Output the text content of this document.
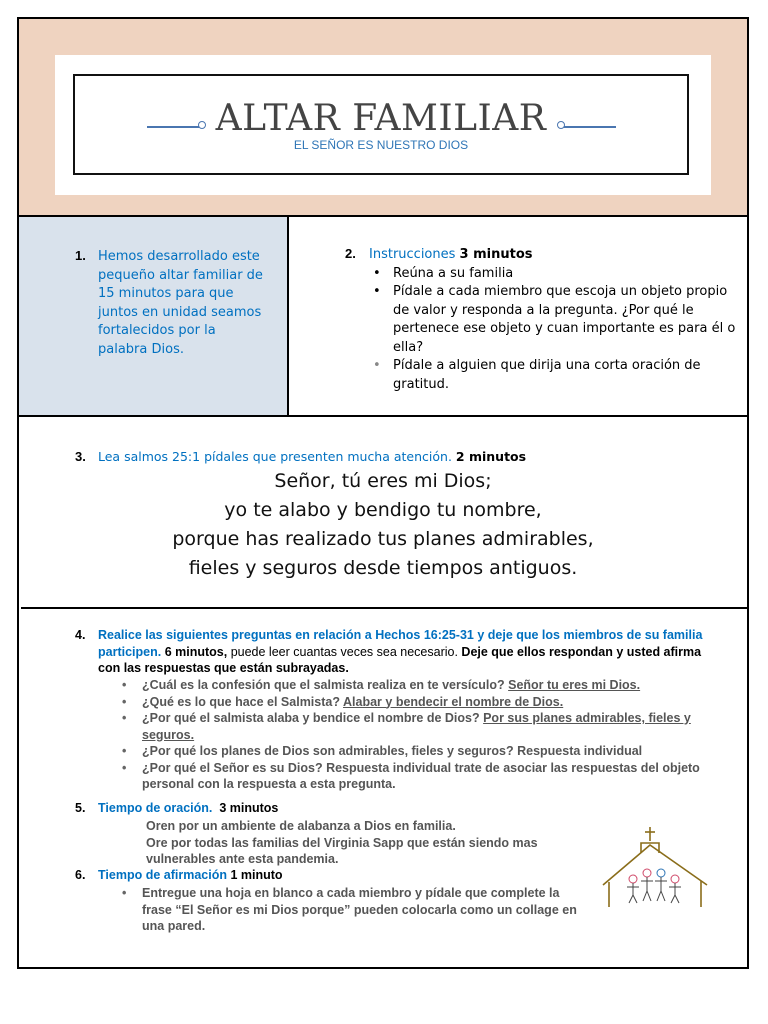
ALTAR FAMILIAR
EL SEÑOR ES NUESTRO DIOS
1. Hemos desarrollado este pequeño altar familiar de 15 minutos para que juntos en unidad seamos fortalecidos por la palabra Dios.
2. Instrucciones 3 minutos
• Reúna a su familia
• Pídale a cada miembro que escoja un objeto propio de valor y responda a la pregunta. ¿Por qué le pertenece ese objeto y cuan importante es para él o ella?
• Pídale a alguien que dirija una corta oración de gratitud.
3. Lea salmos 25:1 pídales que presenten mucha atención. 2 minutos
Señor, tú eres mi Dios;
yo te alabo y bendigo tu nombre,
porque has realizado tus planes admirables,
fieles y seguros desde tiempos antiguos.
4. Realice las siguientes preguntas en relación a Hechos 16:25-31 y deje que los miembros de su familia participen. 6 minutos, puede leer cuantas veces sea necesario. Deje que ellos respondan y usted afirma con las respuestas que están subrayadas.
• ¿Cuál es la confesión que el salmista realiza en te versículo? Señor tu eres mi Dios.
• ¿Qué es lo que hace el Salmista? Alabar y bendecir el nombre de Dios.
• ¿Por qué el salmista alaba y bendice el nombre de Dios? Por sus planes admirables, fieles y seguros.
• ¿Por qué los planes de Dios son admirables, fieles y seguros? Respuesta individual
• ¿Por qué el Señor es su Dios? Respuesta individual trate de asociar las respuestas del objeto personal con la respuesta a esta pregunta.
5. Tiempo de oración. 3 minutos
Oren por un ambiente de alabanza a Dios en familia.
Ore por todas las familias del Virginia Sapp que están siendo mas vulnerables ante esta pandemia.
6. Tiempo de afirmación 1 minuto
• Entregue una hoja en blanco a cada miembro y pídale que complete la frase “El Señor es mi Dios porque” pueden colocarla como un collage en una pared.
